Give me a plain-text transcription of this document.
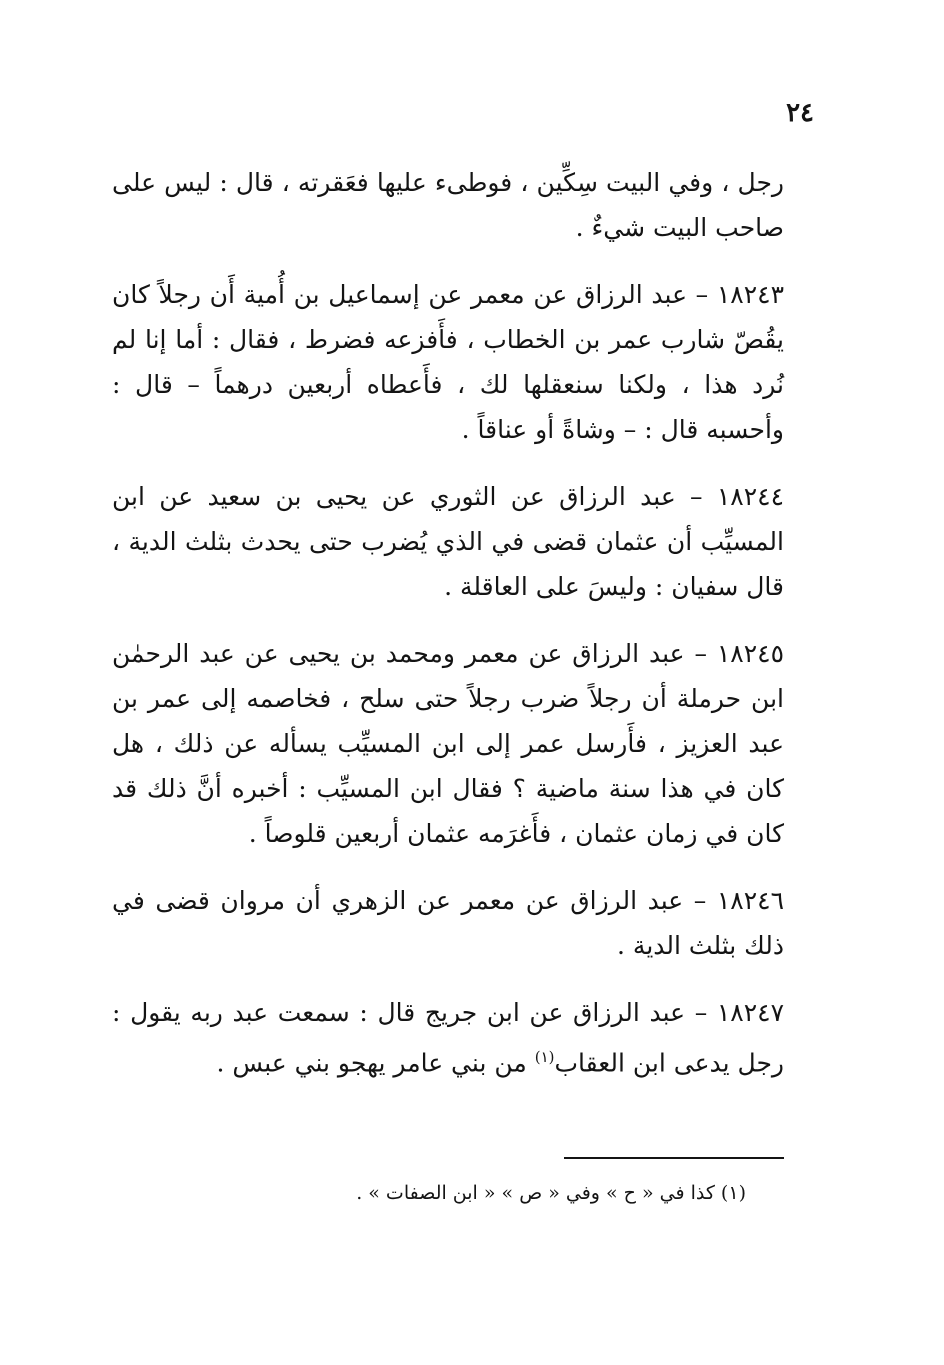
٢٤

رجل ، وفي البيت سِكِّين ، فوطىء عليها فعَقرته ، قال : ليس على صاحب البيت شيءٌ .

١٨٢٤٣ – عبد الرزاق عن معمر عن إسماعيل بن أُمية أَن رجلاً كان يقُصّ شارب عمر بن الخطاب ، فأَفزعه فضرط ، فقال : أما إنا لم نُرد هذا ، ولكنا سنعقلها لك ، فأَعطاه أربعين درهماً – قال : وأحسبه قال : – وشاةً أو عناقاً .

١٨٢٤٤ – عبد الرزاق عن الثوري عن يحيى بن سعيد عن ابن المسيِّب أن عثمان قضى في الذي يُضرب حتى يحدث بثلث الدية ، قال سفيان : وليسَ على العاقلة .

١٨٢٤٥ – عبد الرزاق عن معمر ومحمد بن يحيى عن عبد الرحمٰن ابن حرملة أن رجلاً ضرب رجلاً حتى سلح ، فخاصمه إلى عمر بن عبد العزيز ، فأَرسل عمر إلى ابن المسيِّب يسأله عن ذلك ، هل كان في هذا سنة ماضية ؟ فقال ابن المسيِّب : أخبره أنَّ ذلك قد كان في زمان عثمان ، فأَغرَمه عثمان أربعين قلوصاً .

١٨٢٤٦ – عبد الرزاق عن معمر عن الزهري أن مروان قضى في ذلك بثلث الدية .

١٨٢٤٧ – عبد الرزاق عن ابن جريج قال : سمعت عبد ربه يقول : رجل يدعى ابن العقاب$^{(١)}$ من بني عامر يهجو بني عبس .

(١) كذا في « ح » وفي « ص » « ابن الصفات » .
